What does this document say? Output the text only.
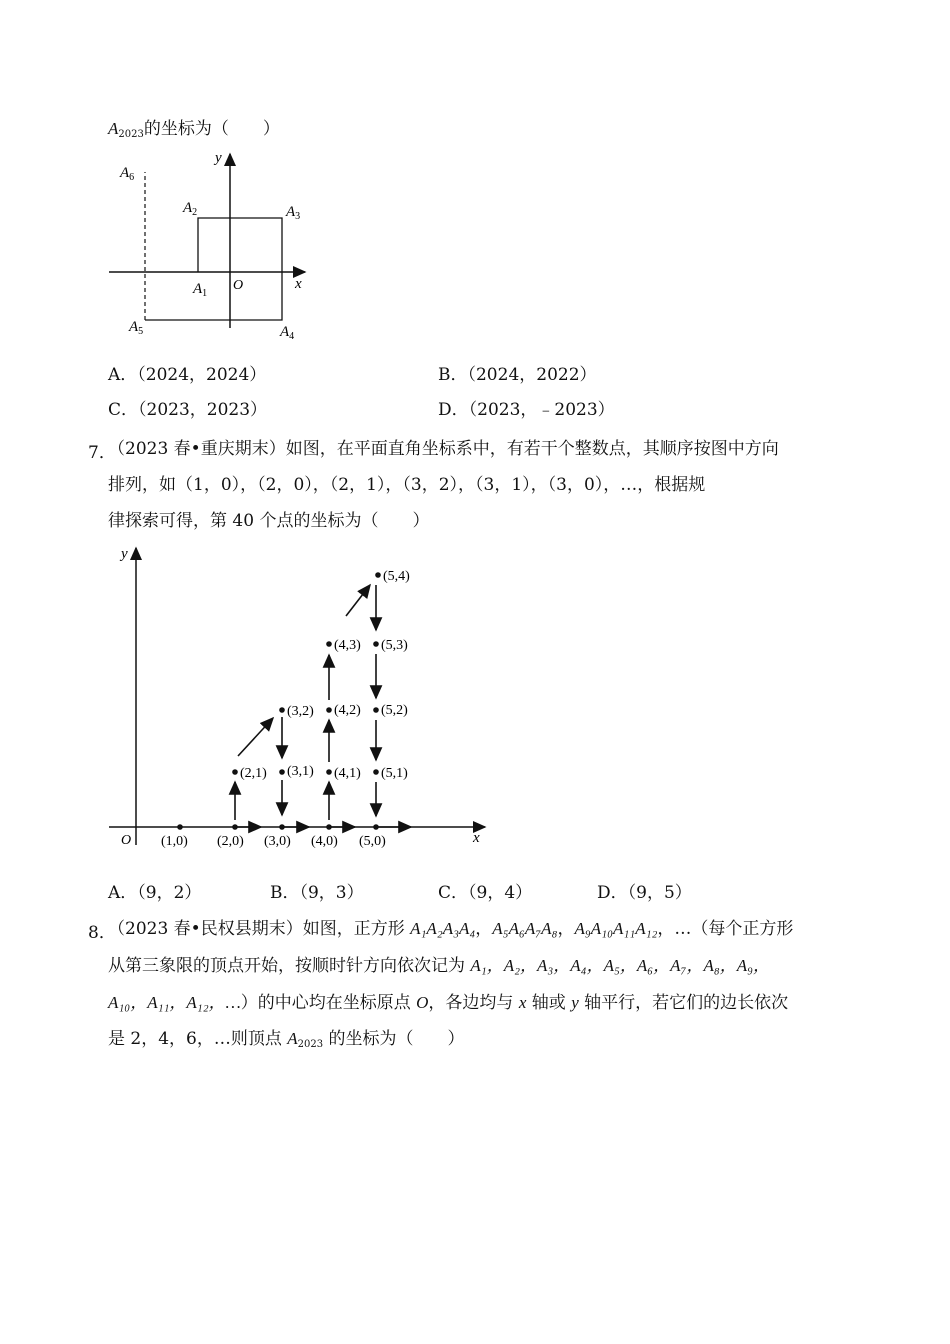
$A_{2023}$的坐标为（　　）
y
x
O
$A_1$
$A_2$	$A_3$
$A_4$
$A_5$
$A_6$
A．（2024，2024）	B．（2024，2022）
C．（2023，2023）	D．（2023，﹣2023）
7．
（2023 春•重庆期末）如图，在平面直角坐标系中，有若干个整数点，其顺序按图中方向
排列，如（1，0），（2，0），（2，1），（3，2），（3，1），（3，0），…，根据规
律探索可得，第 40 个点的坐标为（　　）
y
x
O (1,0) (2,0) (3,0) (4,0) (5,0)
(2,1) (3,1) (4,1) (5,1)
(3,2) (4,2) (5,2)
(4,3) (5,3)
(5,4)
A．（9，2）	B．（9，3）	C．（9，4）	D．（9，5）
8．
（2023 春•民权县期末）如图，正方形 A₁A₂A₃A₄，A₅A₆A₇A₈，A₉A₁₀A₁₁A₁₂，…（每个正方形
从第三象限的顶点开始，按顺时针方向依次记为 A₁，A₂，A₃，A₄，A₅，A₆，A₇，A₈，A₉，
A₁₀，A₁₁，A₁₂，…）的中心均在坐标原点 O，各边均与 x 轴或 y 轴平行，若它们的边长依次
是 2，4，6，…则顶点 $A_{2023}$ 的坐标为（　　）
